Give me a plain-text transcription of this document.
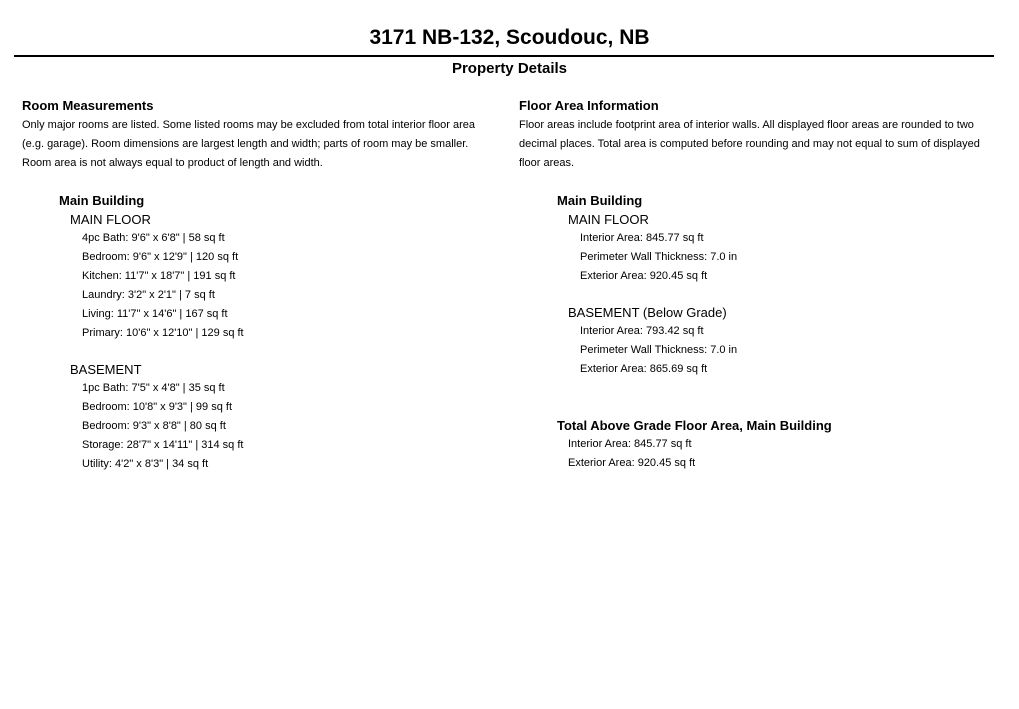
3171 NB-132, Scoudouc, NB
Property Details

Room Measurements

Only major rooms are listed. Some listed rooms may be excluded from total interior floor area

(e.g. garage). Room dimensions are largest length and width; parts of room may be smaller.

Room area is not always equal to product of length and width.

Main Building

MAIN FLOOR

4pc Bath: 9'6" x 6'8" | 58 sq ft
Bedroom: 9'6" x 12'9" | 120 sq ft
Kitchen: 11'7" x 18'7" | 191 sq ft
Laundry: 3'2" x 2'1" | 7 sq ft
Living: 11'7" x 14'6" | 167 sq ft
Primary: 10'6" x 12'10" | 129 sq ft

BASEMENT

1pc Bath: 7'5" x 4'8" | 35 sq ft
Bedroom: 10'8" x 9'3" | 99 sq ft
Bedroom: 9'3" x 8'8" | 80 sq ft
Storage: 28'7" x 14'11" | 314 sq ft
Utility: 4'2" x 8'3" | 34 sq ft

Floor Area Information

Floor areas include footprint area of interior walls. All displayed floor areas are rounded to two

decimal places. Total area is computed before rounding and may not equal to sum of displayed

floor areas.

Main Building

MAIN FLOOR

Interior Area: 845.77 sq ft
Perimeter Wall Thickness: 7.0 in
Exterior Area: 920.45 sq ft

BASEMENT (Below Grade)

Interior Area: 793.42 sq ft
Perimeter Wall Thickness: 7.0 in
Exterior Area: 865.69 sq ft

Total Above Grade Floor Area, Main Building

Interior Area: 845.77 sq ft
Exterior Area: 920.45 sq ft
